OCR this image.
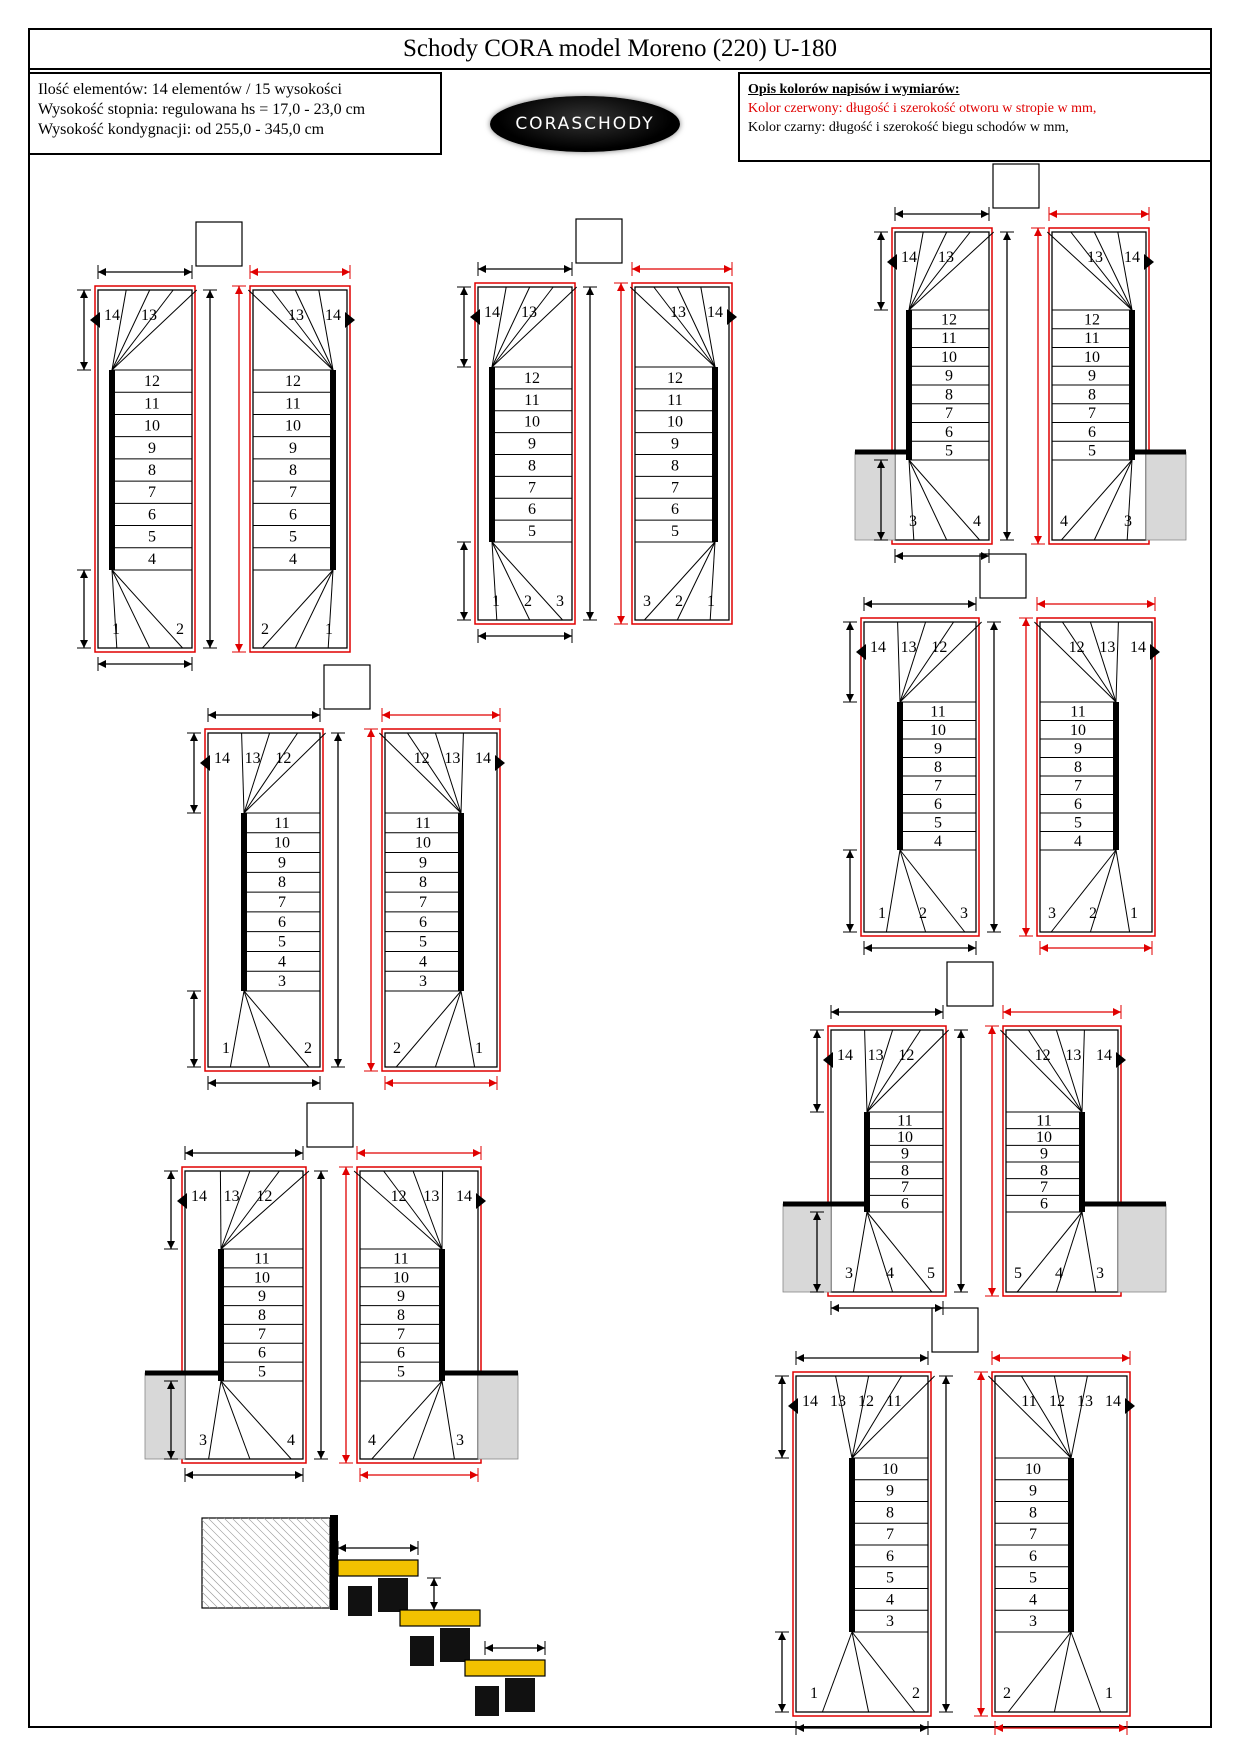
Schody CORA model Moreno (220) U-180
Ilość elementów: 14 elementów / 15 wysokości
Wysokość stopnia: regulowana hs = 17,0 - 23,0 cm
Wysokość kondygnacji: od 255,0 - 345,0 cm	CORASCHODY
Opis kolorów napisów i wymiarów:
Kolor czerwony: długość i szerokość otworu w stropie w mm,
Kolor czarny: długość i szerokość biegu schodów w mm,
12
11
10
9
8
7
6
5
4
12
11
10
9
8
7
6
5
4
14	14
13	13
1	1
2	2
12
11
10
9
8
7
6
5
12
11
10
9
8
7
6
5
14	14
13	13
1	1
2	2
3	3
12
11
10
9
8
7
6
5
12
11
10
9
8
7
6
5
14	14
13	13
3	3
4	4
11
10
9
8
7
6
5
4
3
11
10
9
8
7
6
5
4
3
14	14
13	13
12	12
1	1
2	2
11
10
9
8
7
6
5
4
11
10
9
8
7
6
5
4
14	14
13	13
12	12
1	1
2	2
3	3
11
10
9
8
7
6
5
11
10
9
8
7
6
5
14	14
13	13
12	12
3	3
4	4
11
10
9
8
7
6
11
10
9
8
7
6
14	14
13	13
12	12
3	3
4	4
5	5
10
9
8
7
6
5
4
3
10
9
8
7
6
5
4
3
14	14
13	13
12	12
11	11
1	1
2	2
